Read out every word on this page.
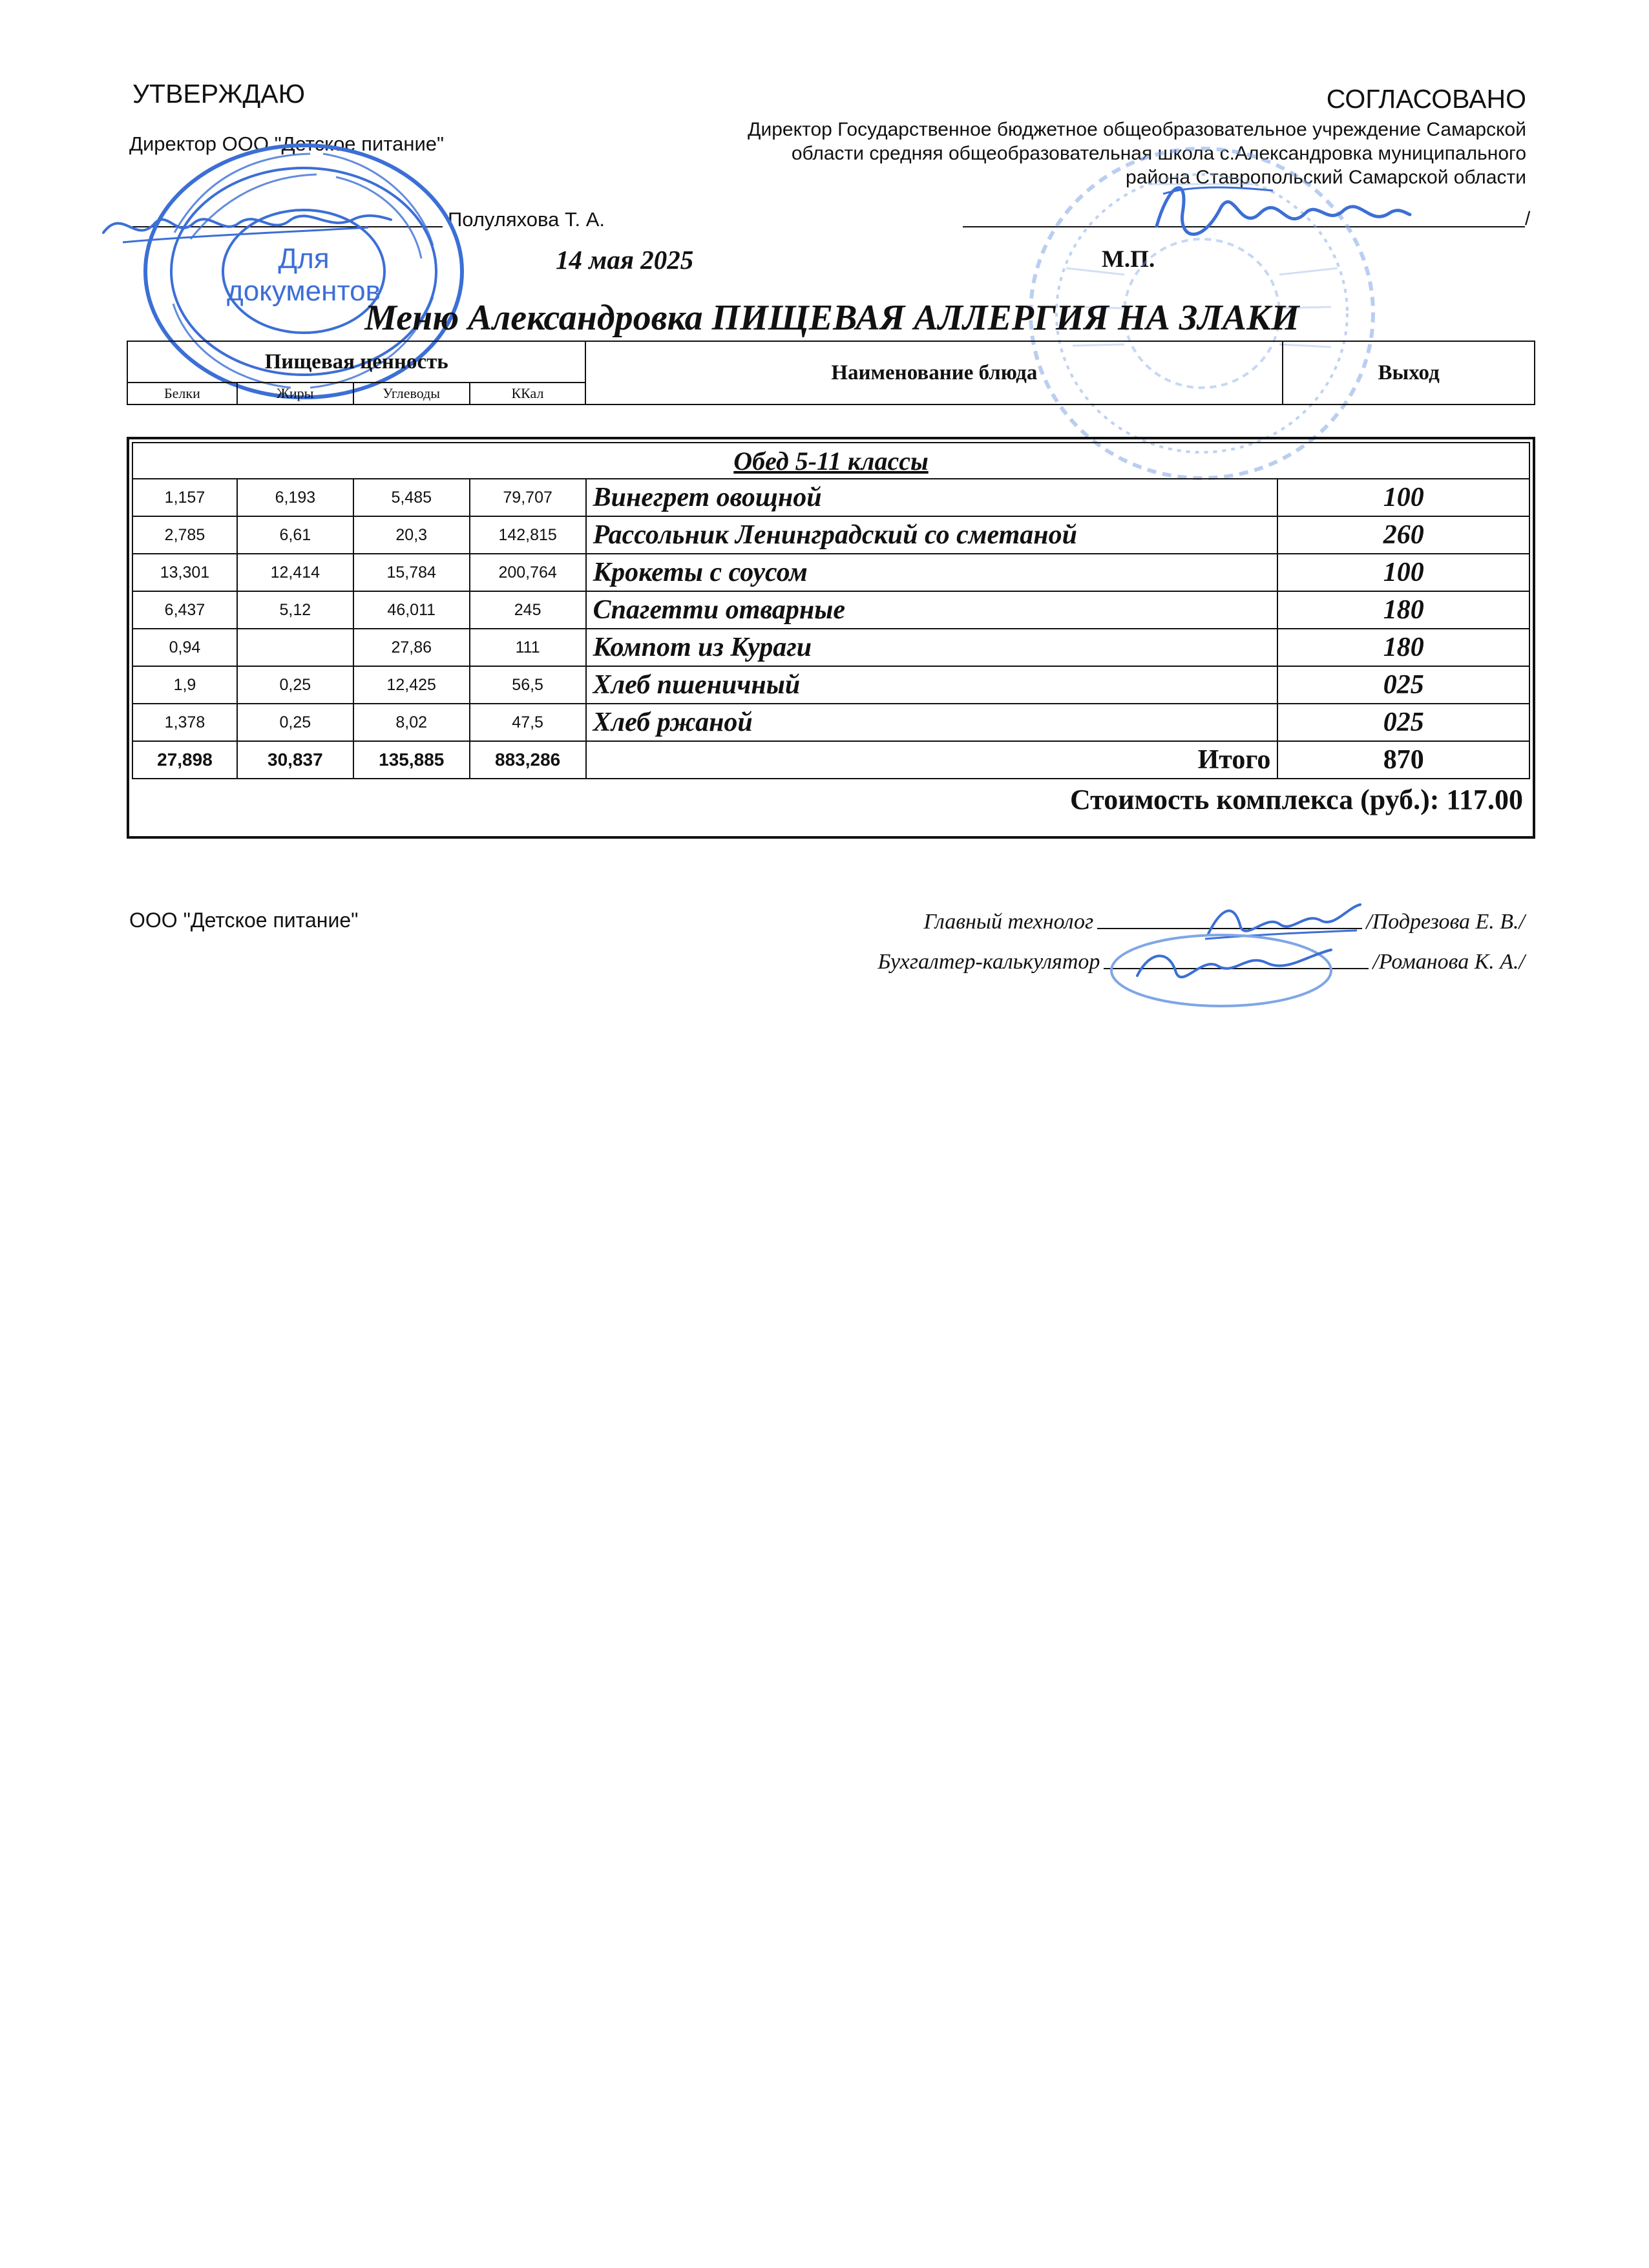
УТВЕРЖДАЮ
Директор ООО "Детское питание"
Полуляхова Т. А.
14 мая 2025
СОГЛАСОВАНО
Директор Государственное бюджетное общеобразовательное учреждение Самарской
области средняя общеобразовательная школа с.Александровка муниципального
района Ставропольский Самарской области
/
М.П.
Для
документов
Меню Александровка ПИЩЕВАЯ АЛЛЕРГИЯ НА ЗЛАКИ
Пищевая ценность				Наименование блюда	Выход
Белки	Жиры	Углеводы	ККал		
Обед 5-11 классы					
1,157	6,193	5,485	79,707	Винегрет овощной	100
2,785	6,61	20,3	142,815	Рассольник Ленинградский со сметаной	260
13,301	12,414	15,784	200,764	Крокеты с соусом	100
6,437	5,12	46,011	245	Спагетти отварные	180
0,94		27,86	111	Компот из Кураги	180
1,9	0,25	12,425	56,5	Хлеб пшеничный	025
1,378	0,25	8,02	47,5	Хлеб ржаной	025
27,898	30,837	135,885	883,286	Итого	870
Стоимость комплекса (руб.): 117.00					
ООО "Детское питание"	Главный технолог	/Подрезова Е. В./
Бухгалтер-калькулятор	/Романова К. А./
